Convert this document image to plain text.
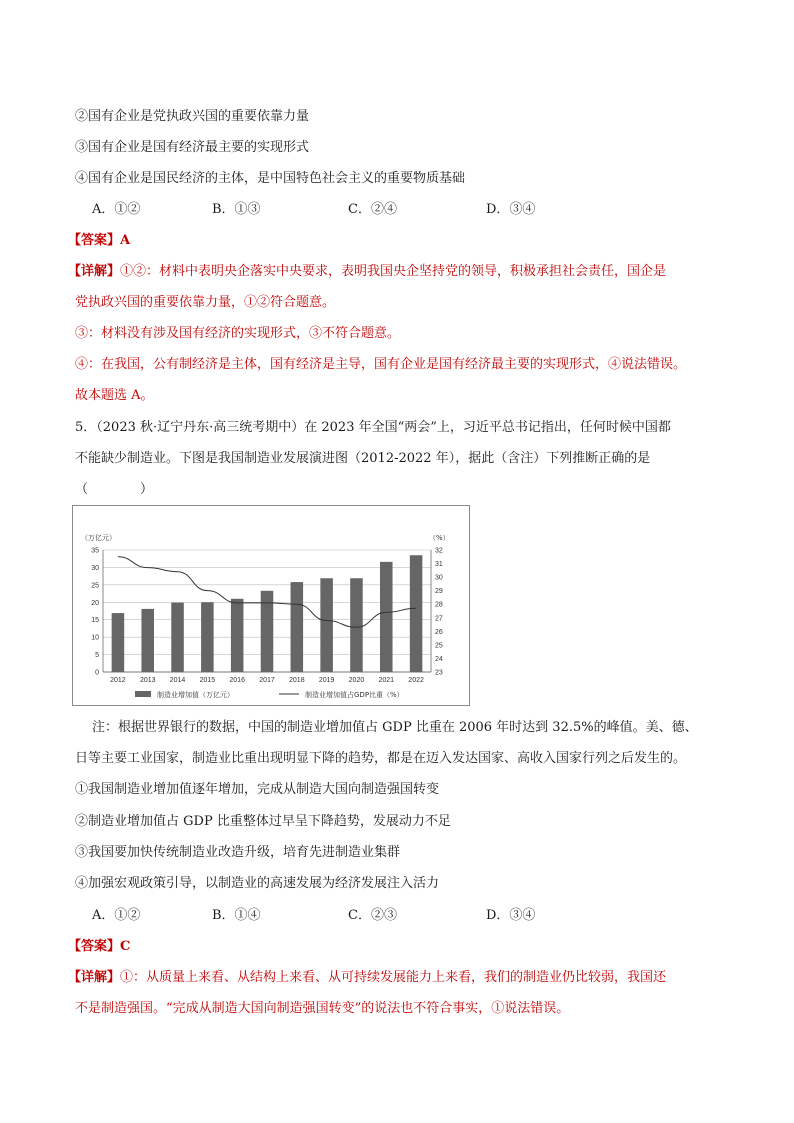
②国有企业是党执政兴国的重要依靠力量
③国有企业是国有经济最主要的实现形式
④国有企业是国民经济的主体，是中国特色社会主义的重要物质基础
A．①②	B．①③	C．②④	D．③④
【答案】A
【详解】①②：材料中表明央企落实中央要求，表明我国央企坚持党的领导，积极承担社会责任，国企是
党执政兴国的重要依靠力量，①②符合题意。
③：材料没有涉及国有经济的实现形式，③不符合题意。
④：在我国，公有制经济是主体，国有经济是主导，国有企业是国有经济最主要的实现形式，④说法错误。
故本题选 A。
5．（2023 秋·辽宁丹东·高三统考期中）在 2023 年全国“两会”上，习近平总书记指出，任何时候中国都
不能缺少制造业。下图是我国制造业发展演进图（2012-2022 年），据此（含注）下列推断正确的是
（　　　　）
（万亿元）	（%）
0
5
10
15
20
25
30
35
23
24
25
26
27
28
29
30
31
32
2012 2013 2014 2015 2016 2017 2018 2019 2020 2021 2022
制造业增加值（万亿元）	制造业增加值占GDP比重（%）
注：根据世界银行的数据，中国的制造业增加值占 GDP 比重在 2006 年时达到 32.5%的峰值。美、德、
日等主要工业国家，制造业比重出现明显下降的趋势，都是在迈入发达国家、高收入国家行列之后发生的。
①我国制造业增加值逐年增加，完成从制造大国向制造强国转变
②制造业增加值占 GDP 比重整体过早呈下降趋势，发展动力不足
③我国要加快传统制造业改造升级，培育先进制造业集群
④加强宏观政策引导，以制造业的高速发展为经济发展注入活力
A．①②	B．①④	C．②③	D．③④
【答案】C
【详解】①：从质量上来看、从结构上来看、从可持续发展能力上来看，我们的制造业仍比较弱，我国还
不是制造强国。“完成从制造大国向制造强国转变”的说法也不符合事实，①说法错误。
